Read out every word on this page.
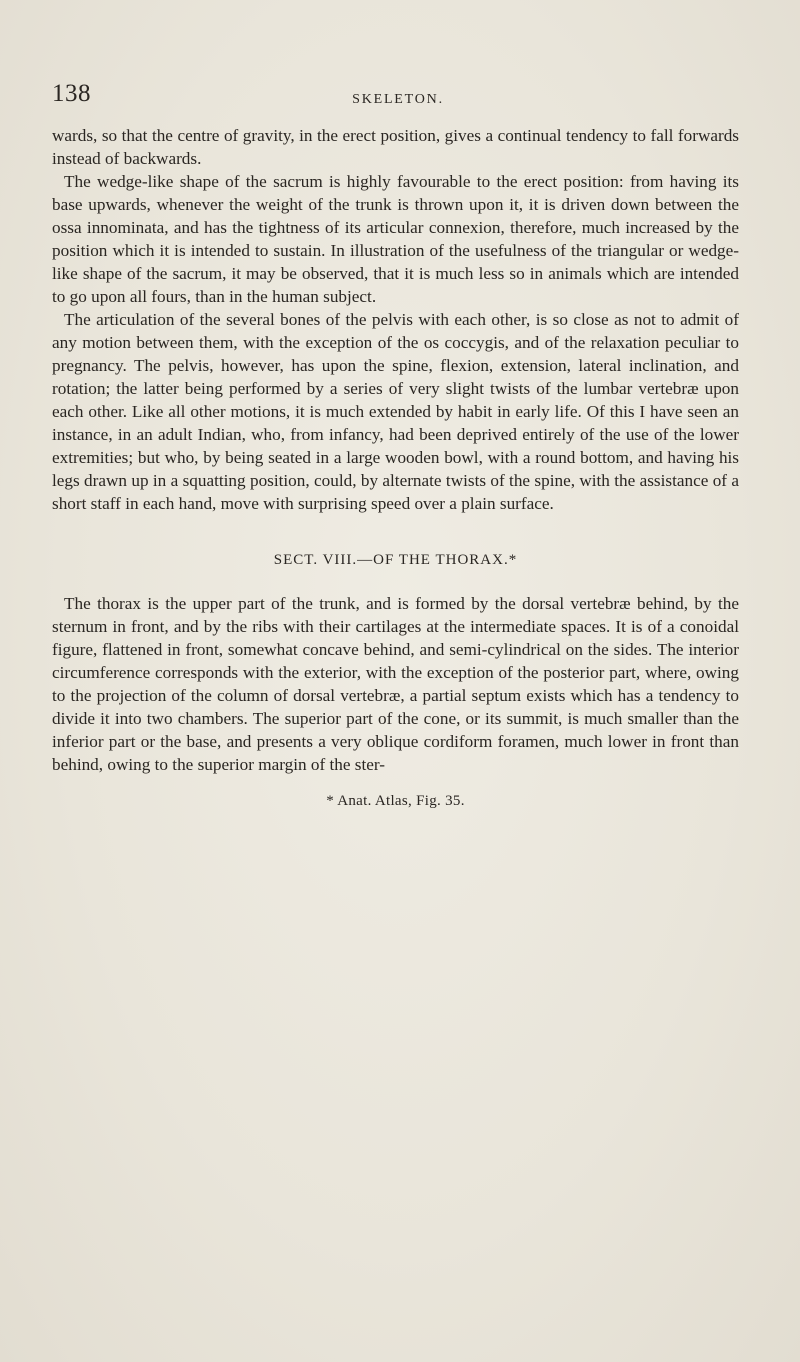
138	SKELETON.

wards, so that the centre of gravity, in the erect position, gives a continual tendency to fall forwards instead of backwards.

The wedge-like shape of the sacrum is highly favourable to the erect position: from having its base upwards, whenever the weight of the trunk is thrown upon it, it is driven down between the ossa innominata, and has the tightness of its articular connexion, therefore, much increased by the position which it is intended to sustain. In illustration of the usefulness of the triangular or wedge-like shape of the sacrum, it may be observed, that it is much less so in animals which are intended to go upon all fours, than in the human subject.

The articulation of the several bones of the pelvis with each other, is so close as not to admit of any motion between them, with the exception of the os coccygis, and of the relaxation peculiar to pregnancy. The pelvis, however, has upon the spine, flexion, extension, lateral inclination, and rotation; the latter being performed by a series of very slight twists of the lumbar vertebræ upon each other. Like all other motions, it is much extended by habit in early life. Of this I have seen an instance, in an adult Indian, who, from infancy, had been deprived entirely of the use of the lower extremities; but who, by being seated in a large wooden bowl, with a round bottom, and having his legs drawn up in a squatting position, could, by alternate twists of the spine, with the assistance of a short staff in each hand, move with surprising speed over a plain surface.

SECT. VIII.—OF THE THORAX.*

The thorax is the upper part of the trunk, and is formed by the dorsal vertebræ behind, by the sternum in front, and by the ribs with their cartilages at the intermediate spaces. It is of a conoidal figure, flattened in front, somewhat concave behind, and semi-cylindrical on the sides. The interior circumference corresponds with the exterior, with the exception of the posterior part, where, owing to the projection of the column of dorsal vertebræ, a partial septum exists which has a tendency to divide it into two chambers. The superior part of the cone, or its summit, is much smaller than the inferior part or the base, and presents a very oblique cordiform foramen, much lower in front than behind, owing to the superior margin of the ster-

* Anat. Atlas, Fig. 35.
